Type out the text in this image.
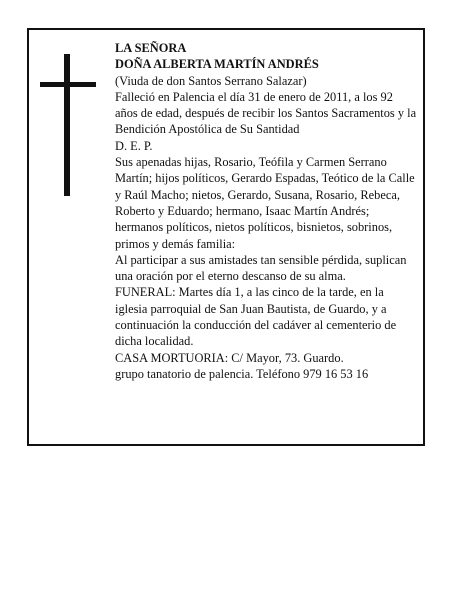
LA SEÑORA

DOÑA ALBERTA MARTÍN ANDRÉS

(Viuda de don Santos Serrano Salazar)

Falleció en Palencia el día 31 de enero de 2011, a los 92 años de edad, después de recibir los Santos Sacramentos y la Bendición Apostólica de Su Santidad

D. E. P.

Sus apenadas hijas, Rosario, Teófila y Carmen Serrano Martín; hijos políticos, Gerardo Espadas, Teótico de la Calle y Raúl Macho; nietos, Gerardo, Susana, Rosario, Rebeca, Roberto y Eduardo; hermano, Isaac Martín Andrés; hermanos políticos, nietos políticos, bisnietos, sobrinos, primos y demás familia:

Al participar a sus amistades tan sensible pérdida, suplican una oración por el eterno descanso de su alma.

FUNERAL: Martes día 1, a las cinco de la tarde, en la iglesia parroquial de San Juan Bautista, de Guardo, y a continuación la conducción del cadáver al cementerio de dicha localidad.

CASA MORTUORIA: C/ Mayor, 73. Guardo.

grupo tanatorio de palencia. Teléfono 979 16 53 16
